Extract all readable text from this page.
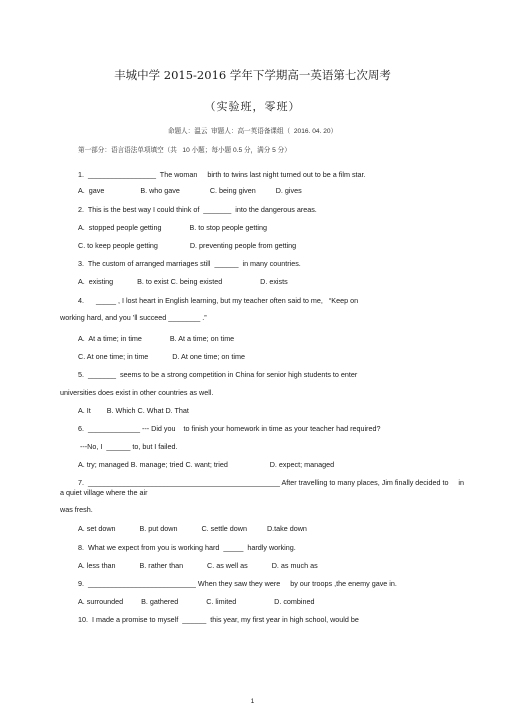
丰城中学 2015-2016 学年下学期高一英语第七次周考
（实验班，零班）
命题人：温云  审题人：高一英语备课组（  2016. 04. 20）
第一部分：语言语法单项填空（共   10 小题；每小题 0.5 分，满分 5 分）
1.  _________________  The woman     birth to twins last night turned out to be a film star.
A.  gave                  B. who gave               C. being given          D. gives
2.  This is the best way I could think of  _______  into the dangerous areas.
A.  stopped people getting              B. to stop people getting
C. to keep people getting                D. preventing people from getting
3.  The custom of arranged marriages still  ______  in many countries.
A.  existing            B. to exist C. being existed                   D. exists
4.      _____ , I lost heart in English learning, but my teacher often said to me,   “Keep on
working hard, and you ’ll succeed ________ .”
A.  At a time; in time              B. At a time; on time
C. At one time; in time            D. At one time; on time
5.  _______  seems to be a strong competition in China for senior high students to enter
universities does exist in other countries as well.
A. It        B. Which C. What D. That
6.  _____________ --- Did you    to finish your homework in time as your teacher had required?
---No, I  ______ to, but I failed.
A. try; managed B. manage; tried C. want; tried                     D. expect; managed
7.  ________________________________________________ After travelling to many places, Jim finally decided to     in
a quiet village where the air
was fresh.
A. set down            B. put down            C. settle down          D.take down
8.  What we expect from you is working hard  _____  hardly working.
A. less than            B. rather than            C. as well as            D. as much as
9.  ___________________________ When they saw they were     by our troops ,the enemy gave in.
A. surrounded         B. gathered              C. limited                   D. combined
10.  I made a promise to myself  ______  this year, my first year in high school, would be
1
